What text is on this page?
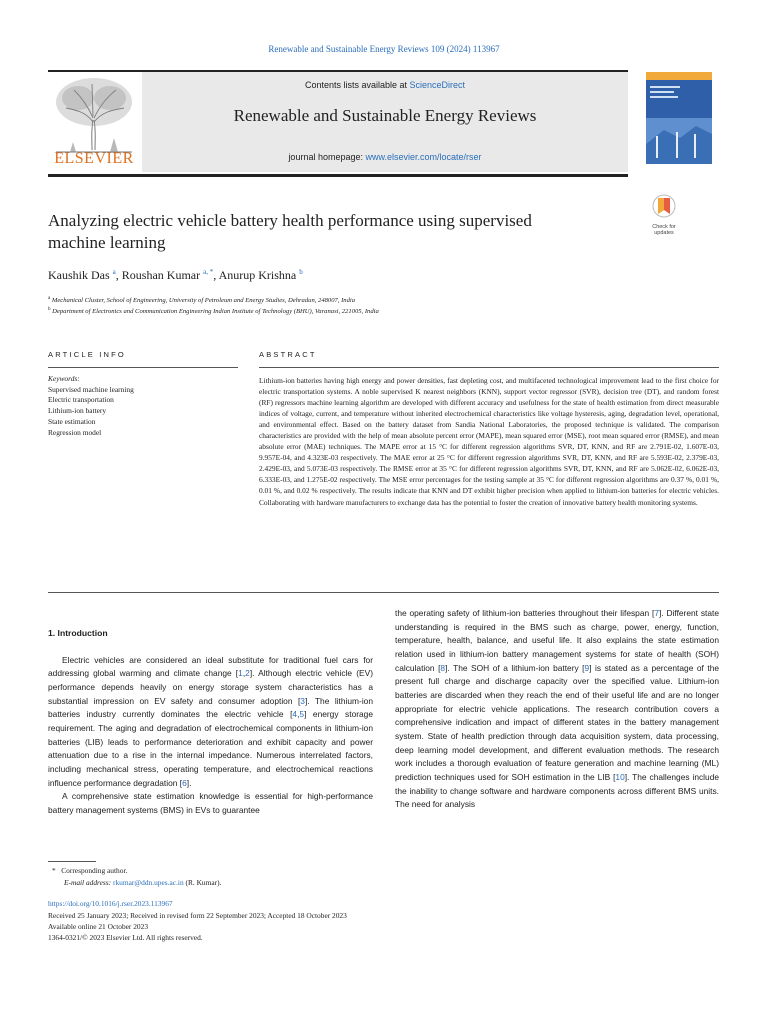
Renewable and Sustainable Energy Reviews 109 (2024) 113967
ELSEVIER
Contents lists available at ScienceDirect
Renewable and Sustainable Energy Reviews
journal homepage: www.elsevier.com/locate/rser
Check for
updates
Analyzing electric vehicle battery health performance using supervised
machine learning
Kaushik Das $^a$, Roushan Kumar $^{a, *}$, Anurup Krishna $^b$
$^a$ Mechanical Cluster, School of Engineering, University of Petroleum and Energy Studies, Dehradun, 248007, India
$^b$ Department of Electronics and Communication Engineering Indian Institute of Technology (BHU), Varanasi, 221005, India
ARTICLE INFO	ABSTRACT
Keywords:
Supervised machine learning
Electric transportation
Lithium-ion battery
State estimation
Regression model
Lithium-ion batteries having high energy and power densities, fast depleting cost, and multifaceted technological improvement lead to the first choice for electric transportation systems. A noble supervised K nearest neighbors (KNN), support vector regressor (SVR), decision tree (DT), and random forest (RF) regressors machine learning algorithm are developed with different accuracy and usefulness for the state of health estimation from direct measurable indices of voltage, current, and temperature without inherited electrochemical characteristics like voltage hysteresis, aging, degradation level, operational, and environmental effect. Based on the battery dataset from Sandia National Laboratories, the proposed technique is validated. The comparison characteristics are provided with the help of mean absolute percent error (MAPE), mean squared error (MSE), root mean squared error (RMSE), and mean absolute error (MAE) techniques. The MAPE error at 15 °C for different regression algorithms SVR, DT, KNN, and RF are 2.791E-02, 1.607E-03, 9.957E-04, and 4.323E-03 respectively. The MAE error at 25 °C for different regression algorithms SVR, DT, KNN, and RF are 5.593E-02, 2.379E-03, 2.429E-03, and 5.073E-03 respectively. The RMSE error at 35 °C for different regression algorithms SVR, DT, KNN, and RF are 5.062E-02, 6.062E-03, 6.333E-03, and 1.275E-02 respectively. The MSE error percentages for the testing sample at 35 °C for different regression algorithms are 0.37 %, 0.01 %, 0.01 %, and 0.02 % respectively. The results indicate that KNN and DT exhibit higher precision when applied to lithium-ion batteries for electric vehicles. Collaborating with hardware manufacturers to exchange data has the potential to foster the creation of innovative battery health monitoring systems.
1. Introduction

Electric vehicles are considered an ideal substitute for traditional fuel cars for addressing global warming and climate change [1,2]. Although electric vehicle (EV) performance depends heavily on energy storage system characteristics has a substantial impression on EV safety and consumer adoption [3]. The lithium-ion batteries industry currently dominates the electric vehicle [4,5] energy storage requirement. The aging and degradation of electrochemical components in lithium-ion batteries (LIB) leads to performance deterioration and exhibit capacity and power attenuation due to a rise in the internal impedance. Numerous interrelated factors, including mechanical stress, operating temperature, and electrochemical reactions influence performance degradation [6].

A comprehensive state estimation knowledge is essential for high-performance battery management systems (BMS) in EVs to guarantee

the operating safety of lithium-ion batteries throughout their lifespan [7]. Different state understanding is required in the BMS such as charge, power, energy, function, temperature, health, balance, and useful life. It also explains the state estimation relation used in lithium-ion battery management systems for state of health (SOH) calculation [8]. The SOH of a lithium-ion battery [9] is stated as a percentage of the present full charge and discharge capacity over the specified value. Lithium-ion batteries are discarded when they reach the end of their useful life and are no longer appropriate for electric vehicle applications. The research contribution covers a comprehensive indication and impact of different states in the battery management system. State of health prediction through data acquisition system, data processing, deep learning model development, and different evaluation methods. The research work includes a thorough evaluation of feature generation and machine learning (ML) prediction techniques used for SOH estimation in the LIB [10]. The challenges include the inability to change software and hardware components across different BMS units. The need for analysis

* Corresponding author.
E-mail address: rkumar@ddn.upes.ac.in (R. Kumar).
https://doi.org/10.1016/j.rser.2023.113967
Received 25 January 2023; Received in revised form 22 September 2023; Accepted 18 October 2023
Available online 21 October 2023
1364-0321/© 2023 Elsevier Ltd. All rights reserved.
